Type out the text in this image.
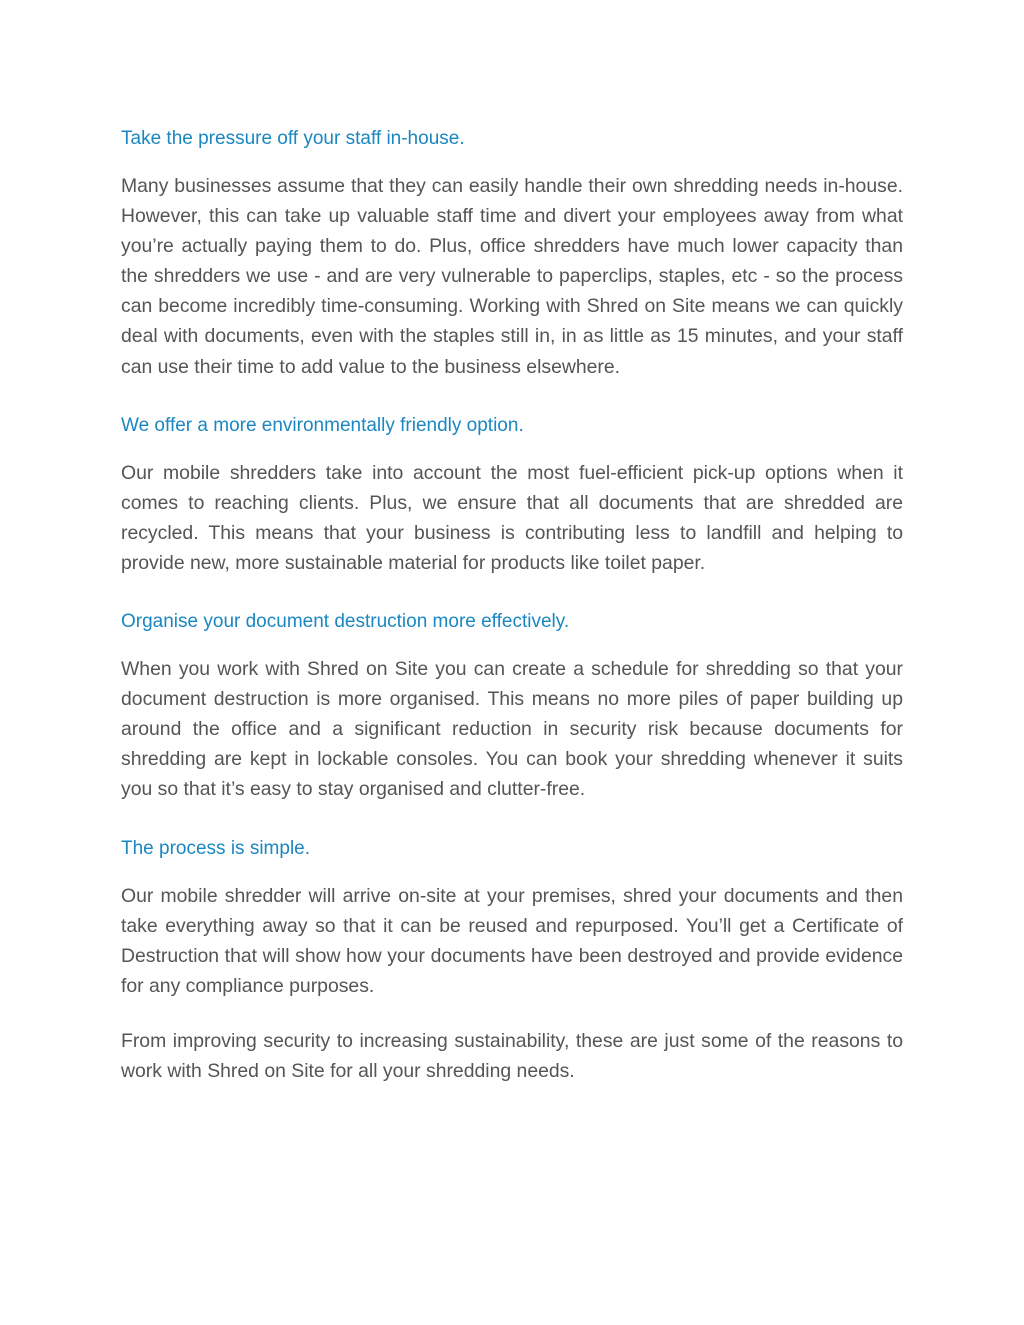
Take the pressure off your staff in-house.

Many businesses assume that they can easily handle their own shredding needs in-house. However, this can take up valuable staff time and divert your employees away from what you’re actually paying them to do. Plus, office shredders have much lower capacity than the shredders we use - and are very vulnerable to paperclips, staples, etc - so the process can become incredibly time-consuming. Working with Shred on Site means we can quickly deal with documents, even with the staples still in, in as little as 15 minutes, and your staff can use their time to add value to the business elsewhere.

We offer a more environmentally friendly option.

Our mobile shredders take into account the most fuel-efficient pick-up options when it comes to reaching clients. Plus, we ensure that all documents that are shredded are recycled. This means that your business is contributing less to landfill and helping to provide new, more sustainable material for products like toilet paper.

Organise your document destruction more effectively.

When you work with Shred on Site you can create a schedule for shredding so that your document destruction is more organised. This means no more piles of paper building up around the office and a significant reduction in security risk because documents for shredding are kept in lockable consoles. You can book your shredding whenever it suits you so that it’s easy to stay organised and clutter-free.

The process is simple.

Our mobile shredder will arrive on-site at your premises, shred your documents and then take everything away so that it can be reused and repurposed. You’ll get a Certificate of Destruction that will show how your documents have been destroyed and provide evidence for any compliance purposes.

From improving security to increasing sustainability, these are just some of the reasons to work with Shred on Site for all your shredding needs.
